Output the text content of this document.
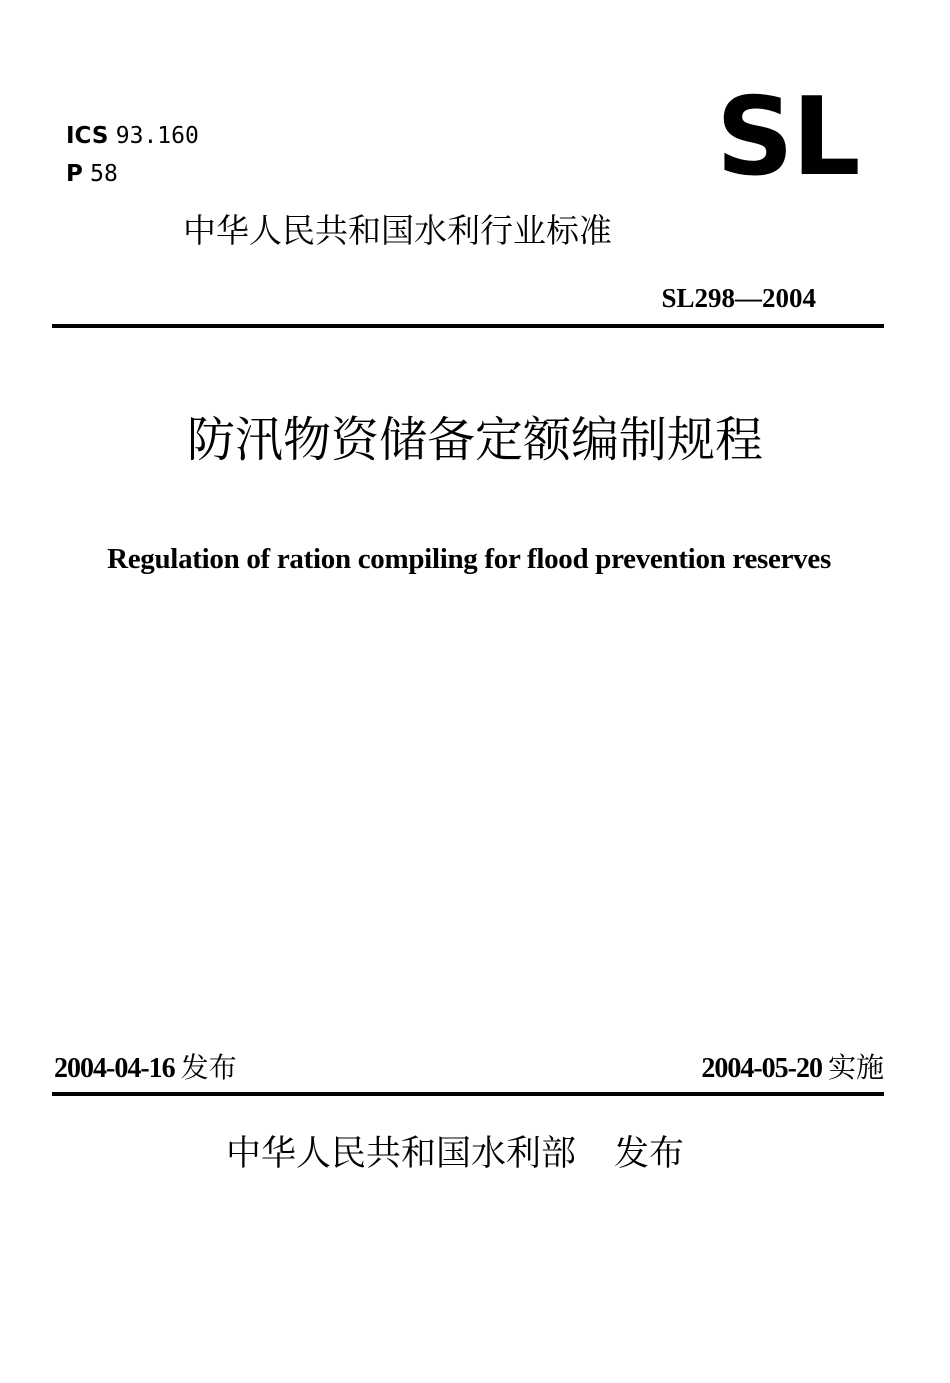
ICS 93.160
P 58	SL
中华人民共和国水利行业标准
SL298—2004
防汛物资储备定额编制规程
Regulation of ration compiling for flood prevention reserves
2004-04-16 发布	2004-05-20 实施
中华人民共和国水利部 发布
